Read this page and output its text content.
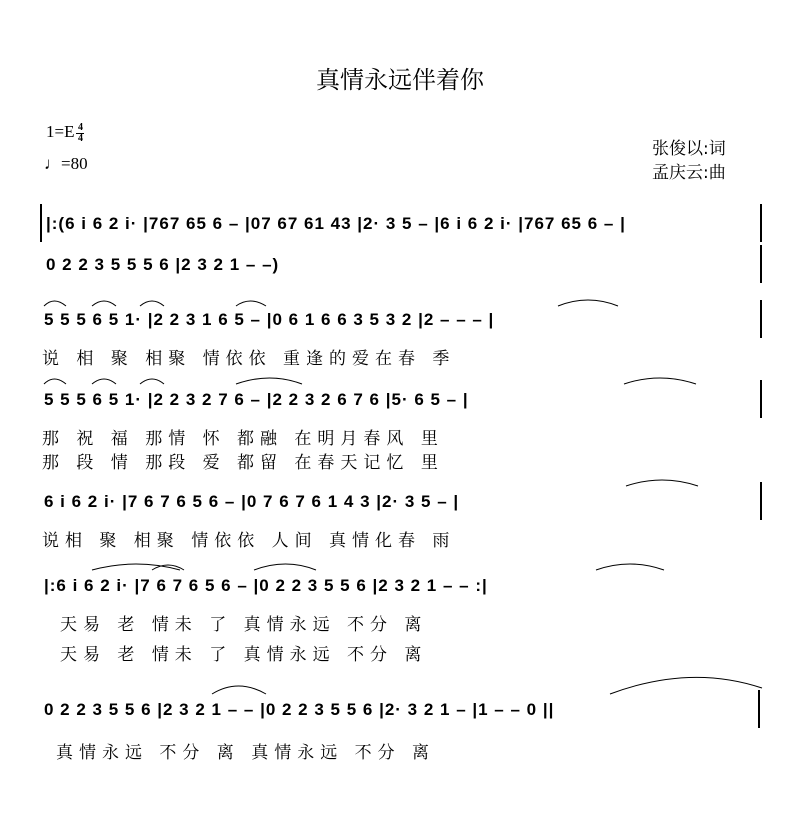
真情永远伴着你
$1=E \frac{4}{4}$
♩=80
张俊以:词
孟庆云:曲
|:(6 i 6 2 i· |767 65 6 – |07 67 61 43 |2· 3 5 – |6 i 6 2 i· |767 65 6 – |
0 2 2 3 5 5 5 6 |2 3 2 1 – –)
5 5 5 6 5 1· |2 2 3 1 6 5 – |0 6 1 6 6 3 5 3 2 |2 – – – |
说 相 聚 相聚 情依依 重逢的爱在春 季
5 5 5 6 5 1· |2 2 3 2 7 6 – |2 2 3 2 6 7 6 |5· 6 5 – |
那 祝 福 那情 怀 都融 在明月春风 里
那 段 情 那段 爱 都留 在春天记忆 里
6 i 6 2 i· |7 6 7 6 5 6 – |0 7 6 7 6 1 4 3 |2· 3 5 – |
说相 聚 相聚 情依依 人间 真情化春 雨
|:6 i 6 2 i· |7 6 7 6 5 6 – |0 2 2 3 5 5 6 |2 3 2 1 – – :|
天易 老 情未 了 真情永远 不分 离
天易 老 情未 了 真情永远 不分 离
0 2 2 3 5 5 6 |2 3 2 1 – – |0 2 2 3 5 5 6 |2· 3 2 1 – |1 – – 0 ||
真情永远 不分 离 真情永远 不分 离
